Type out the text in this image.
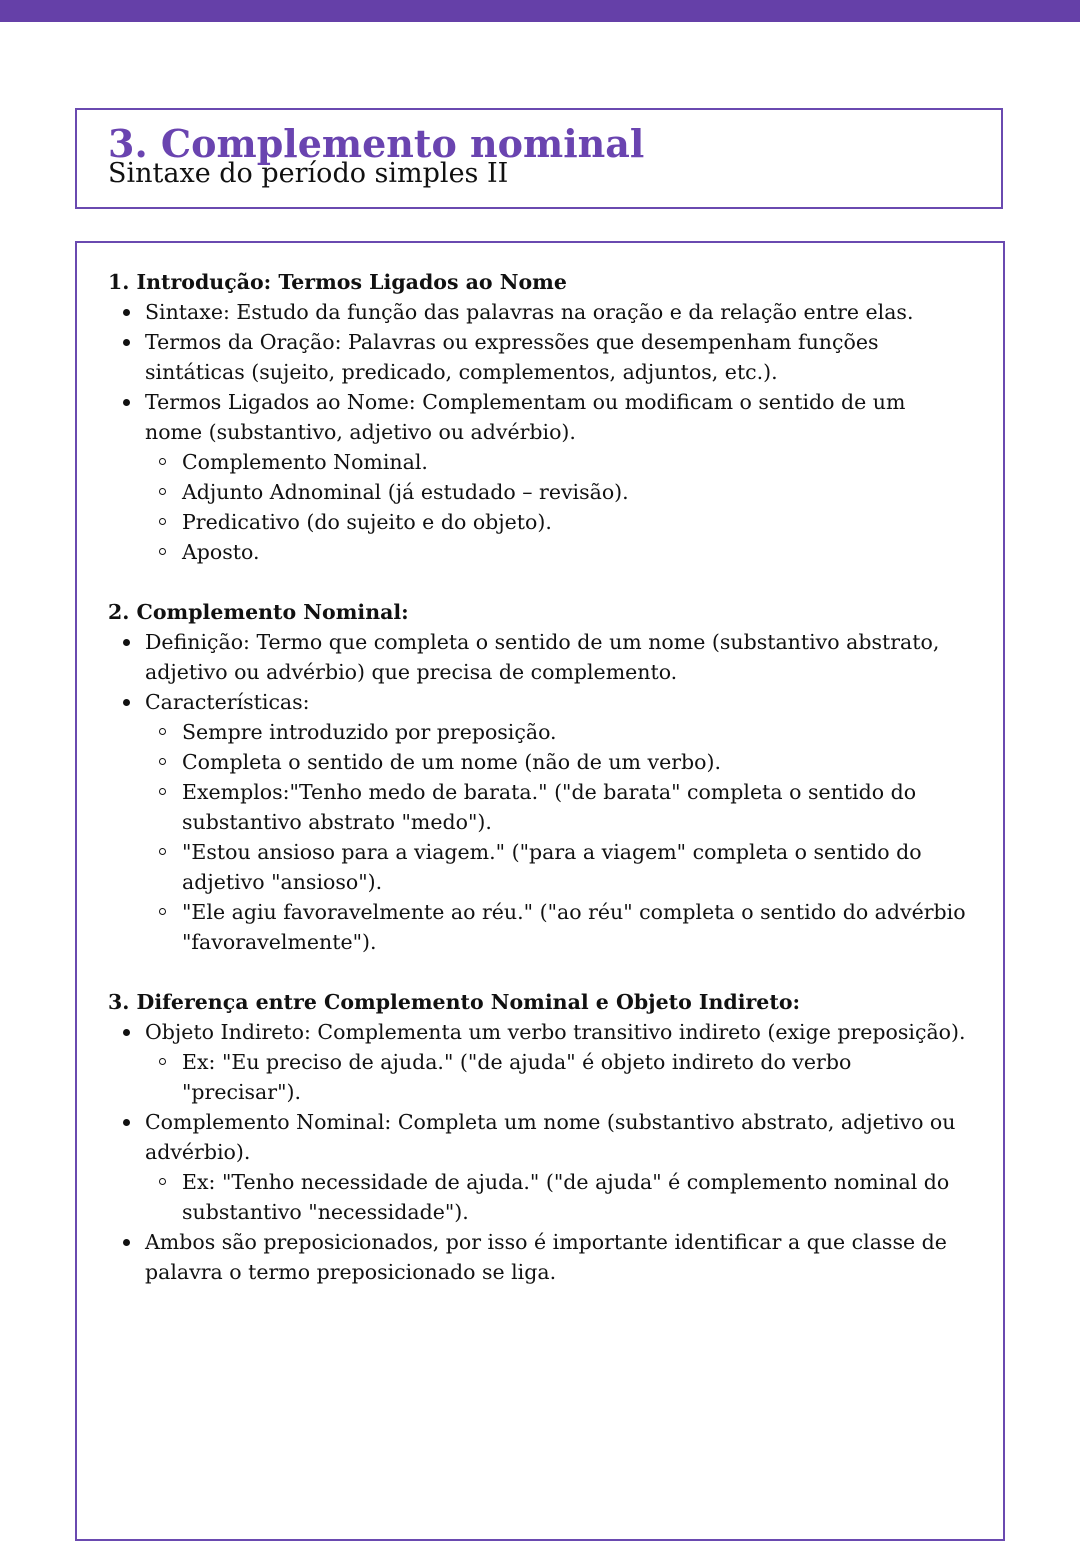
3. Complemento nominal
Sintaxe do período simples II
1. Introdução: Termos Ligados ao Nome
Sintaxe: Estudo da função das palavras na oração e da relação entre elas.
Termos da Oração: Palavras ou expressões que desempenham funções sintáticas (sujeito, predicado, complementos, adjuntos, etc.).
Termos Ligados ao Nome: Complementam ou modificam o sentido de um nome (substantivo, adjetivo ou advérbio).
Complemento Nominal.
Adjunto Adnominal (já estudado – revisão).
Predicativo (do sujeito e do objeto).
Aposto.
2. Complemento Nominal:
Definição: Termo que completa o sentido de um nome (substantivo abstrato, adjetivo ou advérbio) que precisa de complemento.
Características:
Sempre introduzido por preposição.
Completa o sentido de um nome (não de um verbo).
Exemplos:"Tenho medo de barata." ("de barata" completa o sentido do substantivo abstrato "medo").
"Estou ansioso para a viagem." ("para a viagem" completa o sentido do adjetivo "ansioso").
"Ele agiu favoravelmente ao réu." ("ao réu" completa o sentido do advérbio "favoravelmente").
3. Diferença entre Complemento Nominal e Objeto Indireto:
Objeto Indireto: Complementa um verbo transitivo indireto (exige preposição).
Ex: "Eu preciso de ajuda." ("de ajuda" é objeto indireto do verbo "precisar").
Complemento Nominal: Completa um nome (substantivo abstrato, adjetivo ou advérbio).
Ex: "Tenho necessidade de ajuda." ("de ajuda" é complemento nominal do substantivo "necessidade").
Ambos são preposicionados, por isso é importante identificar a que classe de palavra o termo preposicionado se liga.
